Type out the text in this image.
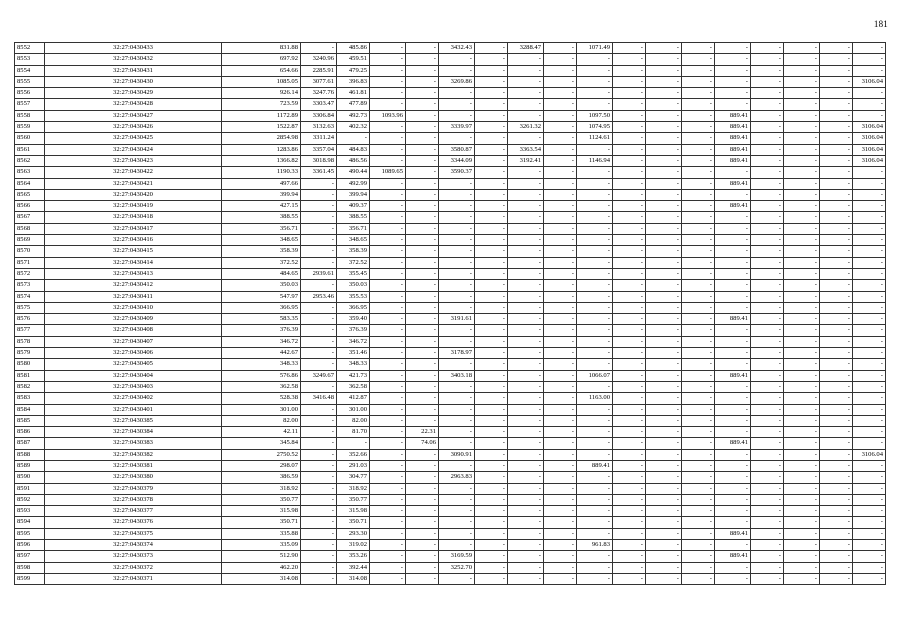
181
8552	32:27:0430433	831.88	-	485.86	-	-	3432.43	-	3288.47	-	1071.49	-	-	-	-	-	-	-	-
8553	32:27:0430432	697.92	3240.96	459.51	-	-	-	-	-	-	-	-	-	-	-	-	-	-	-
8554	32:27:0430431	654.66	2285.91	479.25	-	-	-	-	-	-	-	-	-	-	-	-	-	-	-
8555	32:27:0430430	1085.05	3077.61	396.83	-	-	3269.86	-	-	-	-	-	-	-	-	-	-	-	3106.04
8556	32:27:0430429	926.14	3247.76	461.81	-	-	-	-	-	-	-	-	-	-	-	-	-	-	-
8557	32:27:0430428	723.59	3303.47	477.89	-	-	-	-	-	-	-	-	-	-	-	-	-	-	-
8558	32:27:0430427	1172.89	3306.84	492.73	1093.96	-	-	-	-	-	1097.50	-	-	-	889.41	-	-	-	-
8559	32:27:0430426	1522.87	3132.63	402.32	-	-	3339.97	-	3261.32	-	1074.95	-	-	-	889.41	-	-	-	3106.04
8560	32:27:0430425	2854.98	3311.24	-	-	-	-	-	-	-	1124.61	-	-	-	889.41	-	-	-	3106.04
8561	32:27:0430424	1283.86	3357.04	484.83	-	-	3580.87	-	3363.54	-	-	-	-	-	889.41	-	-	-	3106.04
8562	32:27:0430423	1366.82	3018.98	486.56	-	-	3344.09	-	3192.41	-	1146.94	-	-	-	889.41	-	-	-	3106.04
8563	32:27:0430422	1190.33	3361.45	490.44	1089.65	-	3590.37	-	-	-	-	-	-	-	-	-	-	-	-
8564	32:27:0430421	497.66	-	492.99	-	-	-	-	-	-	-	-	-	-	889.41	-	-	-	-
8565	32:27:0430420	399.94	-	399.94	-	-	-	-	-	-	-	-	-	-	-	-	-	-	-
8566	32:27:0430419	427.15	-	409.37	-	-	-	-	-	-	-	-	-	-	889.41	-	-	-	-
8567	32:27:0430418	388.55	-	388.55	-	-	-	-	-	-	-	-	-	-	-	-	-	-	-
8568	32:27:0430417	356.71	-	356.71	-	-	-	-	-	-	-	-	-	-	-	-	-	-	-
8569	32:27:0430416	348.65	-	348.65	-	-	-	-	-	-	-	-	-	-	-	-	-	-	-
8570	32:27:0430415	358.39	-	358.39	-	-	-	-	-	-	-	-	-	-	-	-	-	-	-
8571	32:27:0430414	372.52	-	372.52	-	-	-	-	-	-	-	-	-	-	-	-	-	-	-
8572	32:27:0430413	484.65	2939.61	355.45	-	-	-	-	-	-	-	-	-	-	-	-	-	-	-
8573	32:27:0430412	350.03	-	350.03	-	-	-	-	-	-	-	-	-	-	-	-	-	-	-
8574	32:27:0430411	547.97	2953.46	355.53	-	-	-	-	-	-	-	-	-	-	-	-	-	-	-
8575	32:27:0430410	366.95	-	366.95	-	-	-	-	-	-	-	-	-	-	-	-	-	-	-
8576	32:27:0430409	583.35	-	359.40	-	-	3191.61	-	-	-	-	-	-	-	889.41	-	-	-	-
8577	32:27:0430408	376.39	-	376.39	-	-	-	-	-	-	-	-	-	-	-	-	-	-	-
8578	32:27:0430407	346.72	-	346.72	-	-	-	-	-	-	-	-	-	-	-	-	-	-	-
8579	32:27:0430406	442.67	-	351.46	-	-	3178.97	-	-	-	-	-	-	-	-	-	-	-	-
8580	32:27:0430405	348.33	-	348.33	-	-	-	-	-	-	-	-	-	-	-	-	-	-	-
8581	32:27:0430404	576.86	3249.67	421.73	-	-	3403.18	-	-	-	1066.07	-	-	-	889.41	-	-	-	-
8582	32:27:0430403	362.58	-	362.58	-	-	-	-	-	-	-	-	-	-	-	-	-	-	-
8583	32:27:0430402	528.38	3416.48	412.87	-	-	-	-	-	-	1163.00	-	-	-	-	-	-	-	-
8584	32:27:0430401	301.00	-	301.00	-	-	-	-	-	-	-	-	-	-	-	-	-	-	-
8585	32:27:0430385	82.00	-	82.00	-	-	-	-	-	-	-	-	-	-	-	-	-	-	-
8586	32:27:0430384	42.11	-	81.70	-	22.31	-	-	-	-	-	-	-	-	-	-	-	-	-
8587	32:27:0430383	345.84	-	-	-	74.06	-	-	-	-	-	-	-	-	889.41	-	-	-	-
8588	32:27:0430382	2750.52	-	352.66	-	-	3090.91	-	-	-	-	-	-	-	-	-	-	-	3106.04
8589	32:27:0430381	298.07	-	291.03	-	-	-	-	-	-	889.41	-	-	-	-	-	-	-	-
8590	32:27:0430380	386.59	-	304.77	-	-	2963.83	-	-	-	-	-	-	-	-	-	-	-	-
8591	32:27:0430379	318.92	-	318.92	-	-	-	-	-	-	-	-	-	-	-	-	-	-	-
8592	32:27:0430378	350.77	-	350.77	-	-	-	-	-	-	-	-	-	-	-	-	-	-	-
8593	32:27:0430377	315.98	-	315.98	-	-	-	-	-	-	-	-	-	-	-	-	-	-	-
8594	32:27:0430376	350.71	-	350.71	-	-	-	-	-	-	-	-	-	-	-	-	-	-	-
8595	32:27:0430375	335.88	-	293.30	-	-	-	-	-	-	-	-	-	-	889.41	-	-	-	-
8596	32:27:0430374	335.09	-	319.02	-	-	-	-	-	-	961.83	-	-	-	-	-	-	-	-
8597	32:27:0430373	512.90	-	353.26	-	-	3169.59	-	-	-	-	-	-	-	889.41	-	-	-	-
8598	32:27:0430372	462.20	-	392.44	-	-	3252.70	-	-	-	-	-	-	-	-	-	-	-	-
8599	32:27:0430371	314.08	-	314.08	-	-	-	-	-	-	-	-	-	-	-	-	-	-	-
